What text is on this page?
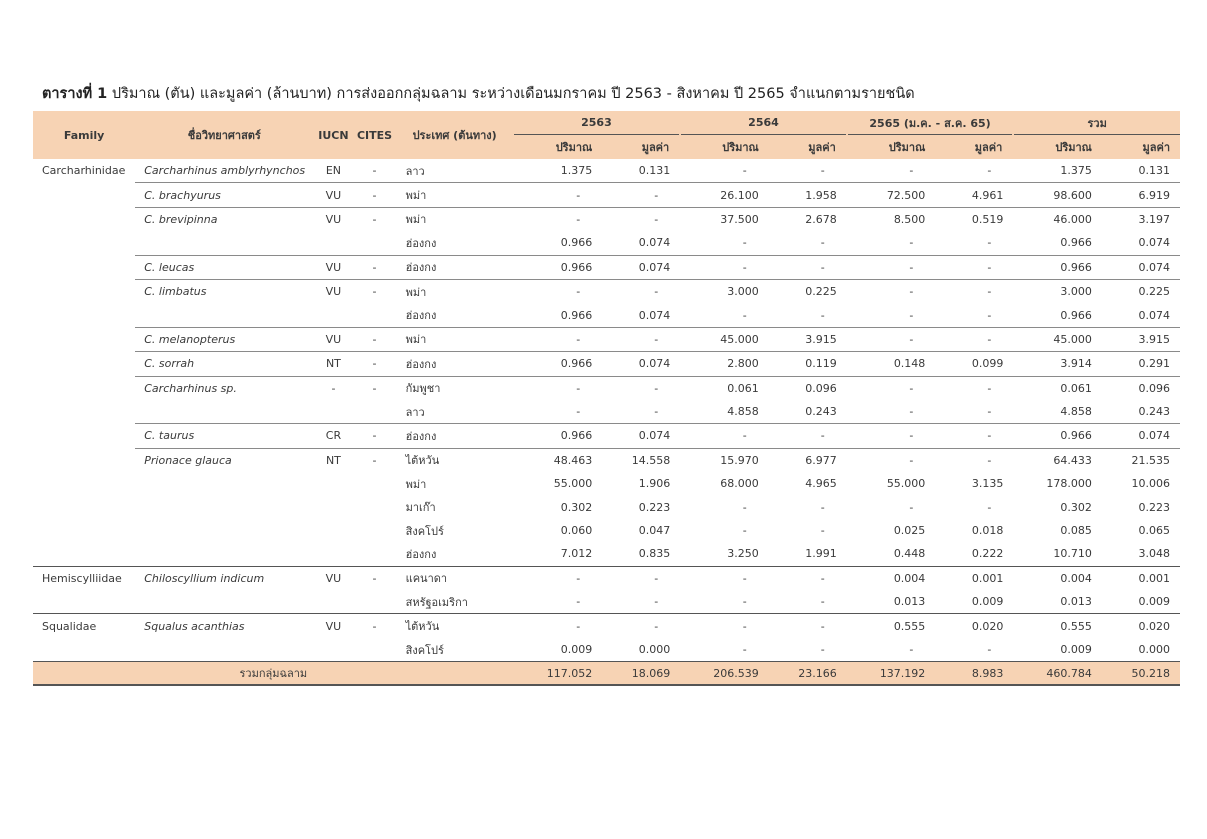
ตารางที่ 1 ปริมาณ (ตัน) และมูลค่า (ล้านบาท) การส่งออกกลุ่มฉลาม ระหว่างเดือนมกราคม ปี 2563 - สิงหาคม ปี 2565 จำแนกตามรายชนิด
Family	ชื่อวิทยาศาสตร์	IUCN	CITES	ประเทศ (ต้นทาง)	2563		2564		2565 (ม.ค. - ส.ค. 65)		รวม	
					ปริมาณ	มูลค่า	ปริมาณ	มูลค่า	ปริมาณ	มูลค่า	ปริมาณ	มูลค่า
Carcharhinidae	Carcharhinus amblyrhynchos	EN	-	ลาว	1.375	0.131	-	-	-	-	1.375	0.131
	C. brachyurus	VU	-	พม่า	-	-	26.100	1.958	72.500	4.961	98.600	6.919
	C. brevipinna	VU	-	พม่า	-	-	37.500	2.678	8.500	0.519	46.000	3.197
				ฮ่องกง	0.966	0.074	-	-	-	-	0.966	0.074
	C. leucas	VU	-	ฮ่องกง	0.966	0.074	-	-	-	-	0.966	0.074
	C. limbatus	VU	-	พม่า	-	-	3.000	0.225	-	-	3.000	0.225
				ฮ่องกง	0.966	0.074	-	-	-	-	0.966	0.074
	C. melanopterus	VU	-	พม่า	-	-	45.000	3.915	-	-	45.000	3.915
	C. sorrah	NT	-	ฮ่องกง	0.966	0.074	2.800	0.119	0.148	0.099	3.914	0.291
	Carcharhinus sp.	-	-	กัมพูชา	-	-	0.061	0.096	-	-	0.061	0.096
				ลาว	-	-	4.858	0.243	-	-	4.858	0.243
	C. taurus	CR	-	ฮ่องกง	0.966	0.074	-	-	-	-	0.966	0.074
	Prionace glauca	NT	-	ไต้หวัน	48.463	14.558	15.970	6.977	-	-	64.433	21.535
				พม่า	55.000	1.906	68.000	4.965	55.000	3.135	178.000	10.006
				มาเก๊า	0.302	0.223	-	-	-	-	0.302	0.223
				สิงคโปร์	0.060	0.047	-	-	0.025	0.018	0.085	0.065
				ฮ่องกง	7.012	0.835	3.250	1.991	0.448	0.222	10.710	3.048
Hemiscylliidae	Chiloscyllium indicum	VU	-	แคนาดา	-	-	-	-	0.004	0.001	0.004	0.001
				สหรัฐอเมริกา	-	-	-	-	0.013	0.009	0.013	0.009
Squalidae	Squalus acanthias	VU	-	ไต้หวัน	-	-	-	-	0.555	0.020	0.555	0.020
				สิงคโปร์	0.009	0.000	-	-	-	-	0.009	0.000
รวมกลุ่มฉลาม					117.052	18.069	206.539	23.166	137.192	8.983	460.784	50.218
